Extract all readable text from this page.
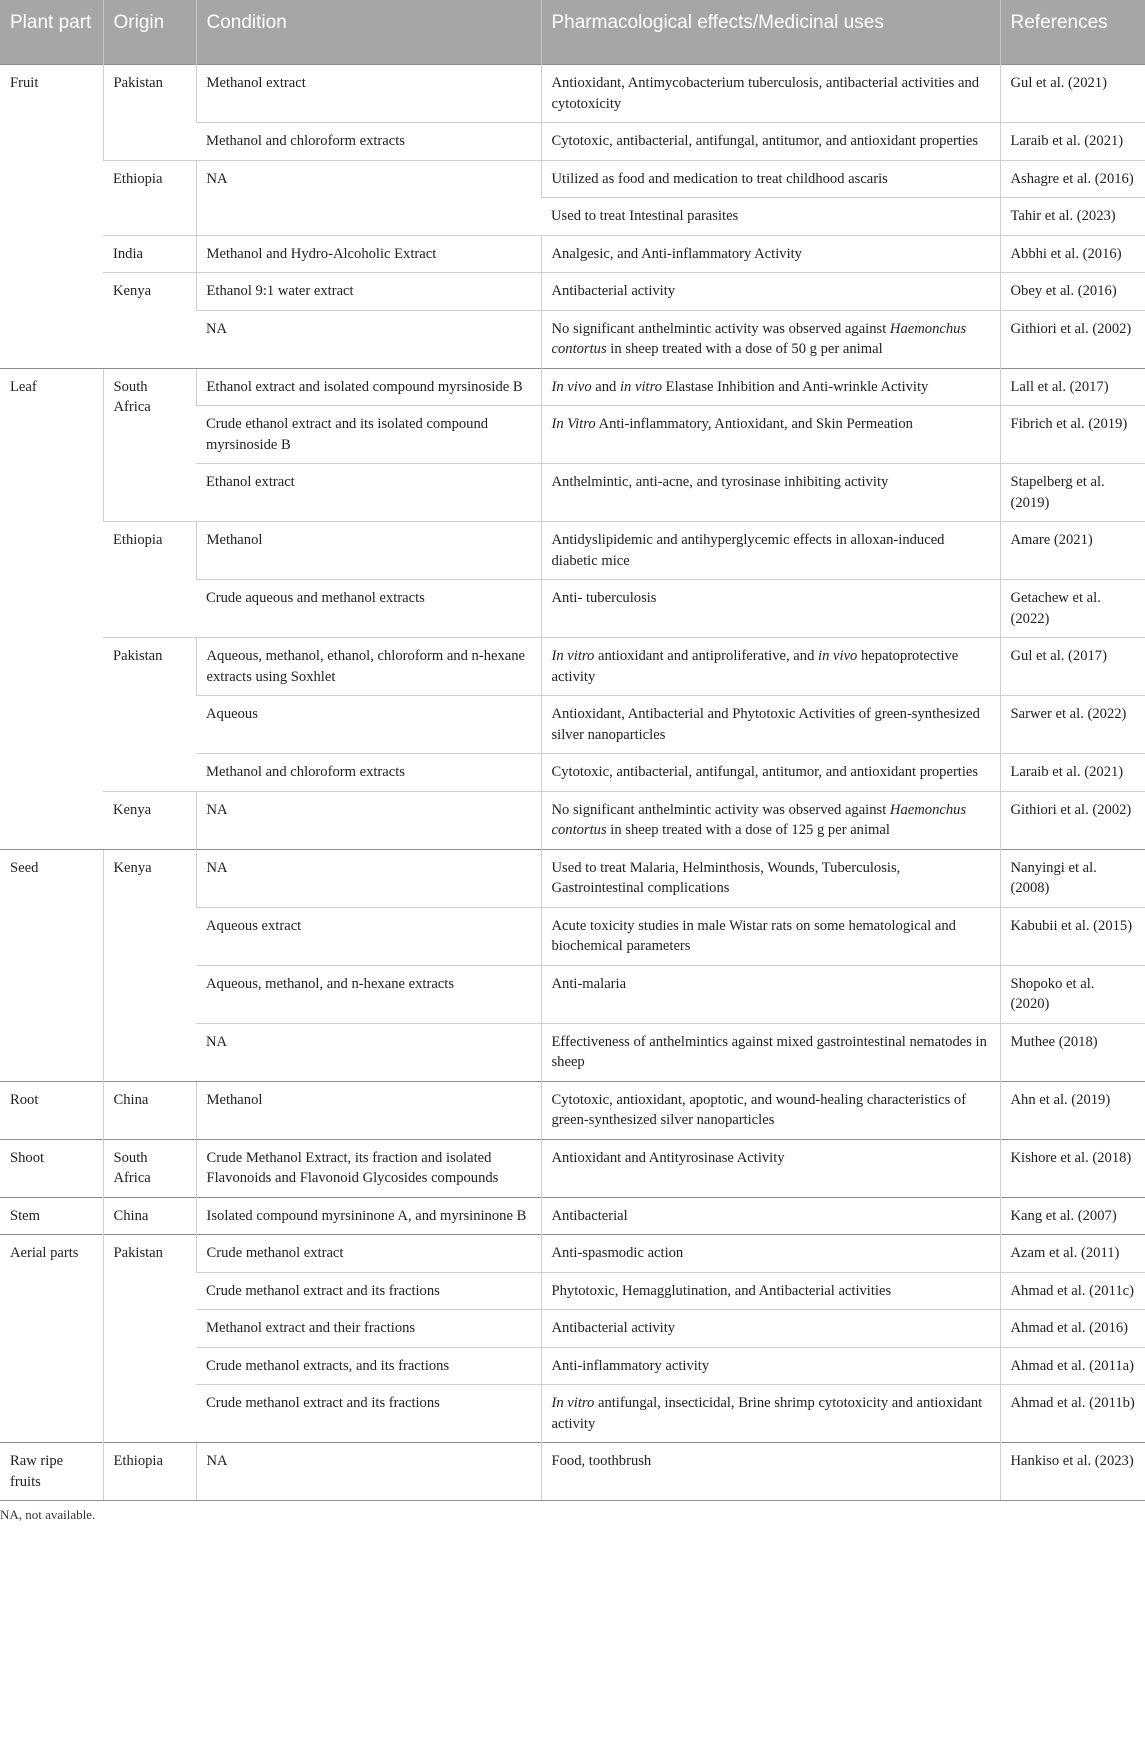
Plant part	Origin	Condition	Pharmacological effects/Medicinal uses	References
Fruit	Pakistan	Methanol extract	Antioxidant, Antimycobacterium tuberculosis, antibacterial activities and cytotoxicity	Gul et al. (2021)
		Methanol and chloroform extracts	Cytotoxic, antibacterial, antifungal, antitumor, and antioxidant properties	Laraib et al. (2021)
	Ethiopia	NA	Utilized as food and medication to treat childhood ascaris	Ashagre et al. (2016)
			Used to treat Intestinal parasites	Tahir et al. (2023)
	India	Methanol and Hydro-Alcoholic Extract	Analgesic, and Anti-inflammatory Activity	Abbhi et al. (2016)
	Kenya	Ethanol 9:1 water extract	Antibacterial activity	Obey et al. (2016)
		NA	No significant anthelmintic activity was observed against Haemonchus contortus in sheep treated with a dose of 50 g per animal	Githiori et al. (2002)
Leaf	South Africa	Ethanol extract and isolated compound myrsinoside B	In vivo and in vitro Elastase Inhibition and Anti-wrinkle Activity	Lall et al. (2017)
		Crude ethanol extract and its isolated compound myrsinoside B	In Vitro Anti-inflammatory, Antioxidant, and Skin Permeation	Fibrich et al. (2019)
		Ethanol extract	Anthelmintic, anti-acne, and tyrosinase inhibiting activity	Stapelberg et al. (2019)
	Ethiopia	Methanol	Antidyslipidemic and antihyperglycemic effects in alloxan-induced diabetic mice	Amare (2021)
		Crude aqueous and methanol extracts	Anti- tuberculosis	Getachew et al. (2022)
	Pakistan	Aqueous, methanol, ethanol, chloroform and n-hexane extracts using Soxhlet	In vitro antioxidant and antiproliferative, and in vivo hepatoprotective activity	Gul et al. (2017)
		Aqueous	Antioxidant, Antibacterial and Phytotoxic Activities of green-synthesized silver nanoparticles	Sarwer et al. (2022)
		Methanol and chloroform extracts	Cytotoxic, antibacterial, antifungal, antitumor, and antioxidant properties	Laraib et al. (2021)
	Kenya	NA	No significant anthelmintic activity was observed against Haemonchus contortus in sheep treated with a dose of 125 g per animal	Githiori et al. (2002)
Seed	Kenya	NA	Used to treat Malaria, Helminthosis, Wounds, Tuberculosis, Gastrointestinal complications	Nanyingi et al. (2008)
		Aqueous extract	Acute toxicity studies in male Wistar rats on some hematological and biochemical parameters	Kabubii et al. (2015)
		Aqueous, methanol, and n-hexane extracts	Anti-malaria	Shopoko et al. (2020)
		NA	Effectiveness of anthelmintics against mixed gastrointestinal nematodes in sheep	Muthee (2018)
Root	China	Methanol	Cytotoxic, antioxidant, apoptotic, and wound-healing characteristics of green-synthesized silver nanoparticles	Ahn et al. (2019)
Shoot	South Africa	Crude Methanol Extract, its fraction and isolated Flavonoids and Flavonoid Glycosides compounds	Antioxidant and Antityrosinase Activity	Kishore et al. (2018)
Stem	China	Isolated compound myrsininone A, and myrsininone B	Antibacterial	Kang et al. (2007)
Aerial parts	Pakistan	Crude methanol extract	Anti-spasmodic action	Azam et al. (2011)
		Crude methanol extract and its fractions	Phytotoxic, Hemagglutination, and Antibacterial activities	Ahmad et al. (2011c)
		Methanol extract and their fractions	Antibacterial activity	Ahmad et al. (2016)
		Crude methanol extracts, and its fractions	Anti-inflammatory activity	Ahmad et al. (2011a)
		Crude methanol extract and its fractions	In vitro antifungal, insecticidal, Brine shrimp cytotoxicity and antioxidant activity	Ahmad et al. (2011b)
Raw ripe fruits	Ethiopia	NA	Food, toothbrush	Hankiso et al. (2023)
NA, not available.
